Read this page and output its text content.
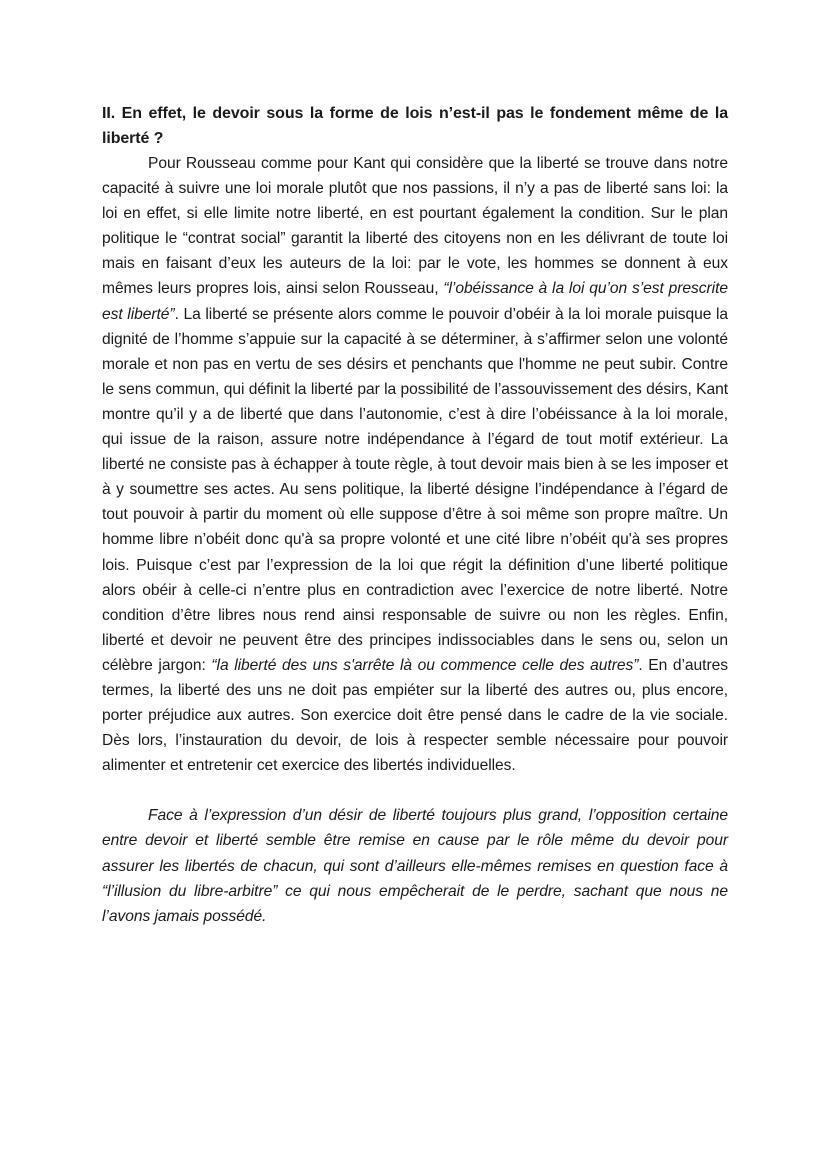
II. En effet, le devoir sous la forme de lois n’est-il pas le fondement même de la liberté ?

Pour Rousseau comme pour Kant qui considère que la liberté se trouve dans notre capacité à suivre une loi morale plutôt que nos passions, il n’y a pas de liberté sans loi: la loi en effet, si elle limite notre liberté, en est pourtant également la condition. Sur le plan politique le “contrat social” garantit la liberté des citoyens non en les délivrant de toute loi mais en faisant d’eux les auteurs de la loi: par le vote, les hommes se donnent à eux mêmes leurs propres lois, ainsi selon Rousseau, “l’obéissance à la loi qu’on s’est prescrite est liberté”. La liberté se présente alors comme le pouvoir d’obéir à la loi morale puisque la dignité de l’homme s’appuie sur la capacité à se déterminer, à s’affirmer selon une volonté morale et non pas en vertu de ses désirs et penchants que l'homme ne peut subir. Contre le sens commun, qui définit la liberté par la possibilité de l’assouvissement des désirs, Kant montre qu’il y a de liberté que dans l’autonomie, c’est à dire l’obéissance à la loi morale, qui issue de la raison, assure notre indépendance à l’égard de tout motif extérieur. La liberté ne consiste pas à échapper à toute règle, à tout devoir mais bien à se les imposer et à y soumettre ses actes. Au sens politique, la liberté désigne l’indépendance à l’égard de tout pouvoir à partir du moment où elle suppose d’être à soi même son propre maître. Un homme libre n’obéit donc qu'à sa propre volonté et une cité libre n’obéit qu'à ses propres lois. Puisque c’est par l’expression de la loi que régit la définition d’une liberté politique alors obéir à celle-ci n’entre plus en contradiction avec l’exercice de notre liberté. Notre condition d’être libres nous rend ainsi responsable de suivre ou non les règles. Enfin, liberté et devoir ne peuvent être des principes indissociables dans le sens ou, selon un célèbre jargon: “la liberté des uns s'arrête là ou commence celle des autres”. En d’autres termes, la liberté des uns ne doit pas empiéter sur la liberté des autres ou, plus encore, porter préjudice aux autres. Son exercice doit être pensé dans le cadre de la vie sociale. Dès lors, l’instauration du devoir, de lois à respecter semble nécessaire pour pouvoir alimenter et entretenir cet exercice des libertés individuelles.

Face à l’expression d’un désir de liberté toujours plus grand, l’opposition certaine entre devoir et liberté semble être remise en cause par le rôle même du devoir pour assurer les libertés de chacun, qui sont d’ailleurs elle-mêmes remises en question face à “l’illusion du libre-arbitre” ce qui nous empêcherait de le perdre, sachant que nous ne l’avons jamais possédé.
